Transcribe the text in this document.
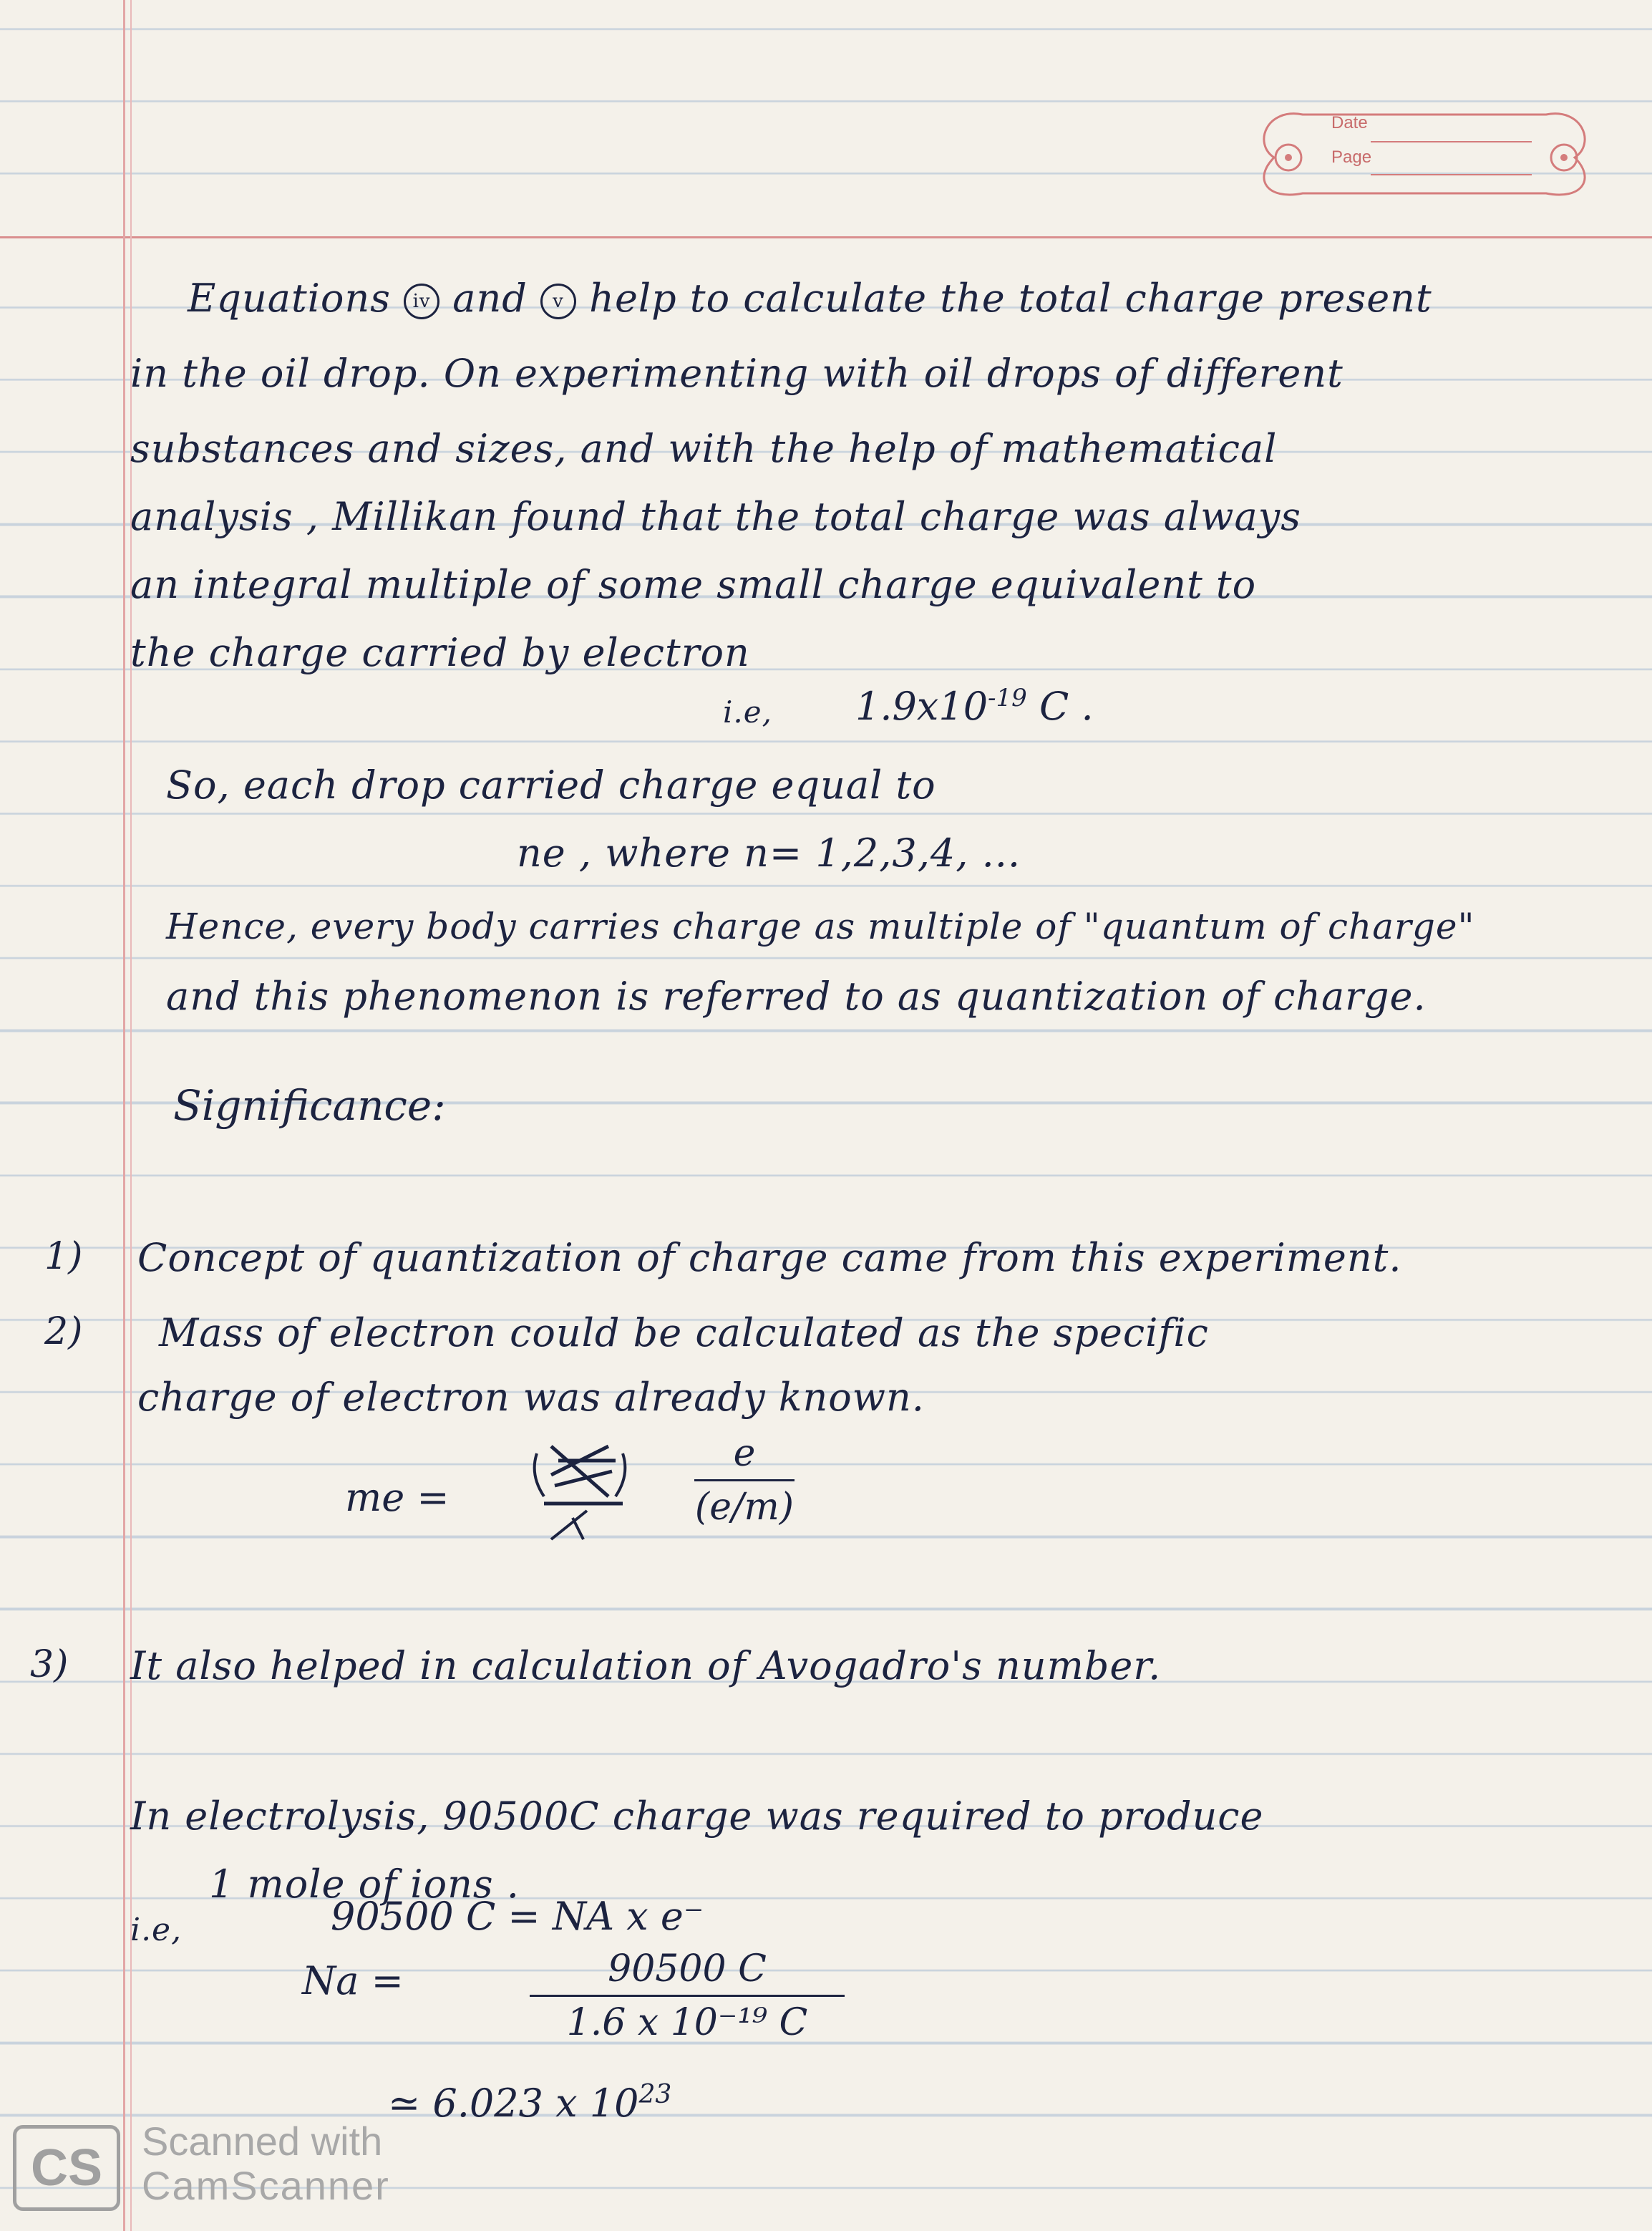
Date
Page
Equations iv and v help to calculate the total charge present
in the oil drop. On experimenting with oil drops of different
substances and sizes, and with the help of mathematical
analysis , Millikan found that the total charge was always
an integral multiple of some small charge equivalent to
the charge carried by electron
i.e, $1.9x10^{-19}$ C .
So, each drop carried charge equal to
ne , where n= 1,2,3,4, ...
Hence, every body carries charge as multiple of "quantum of charge"
and this phenomenon is referred to as quantization of charge.
Significance:
1) Concept of quantization of charge came from this experiment.
2) Mass of electron could be calculated as the specific
charge of electron was already known.
me =
e
(e/m)
3) It also helped in calculation of Avogadro's number.
In electrolysis, 90500C charge was required to produce
1 mole of ions .
i.e,	90500 C = NA x e⁻
Na =	90500 C
1.6 x 10⁻¹⁹ C
≃ 6.023 x $10^{23}$
CS Scanned with
CamScanner
